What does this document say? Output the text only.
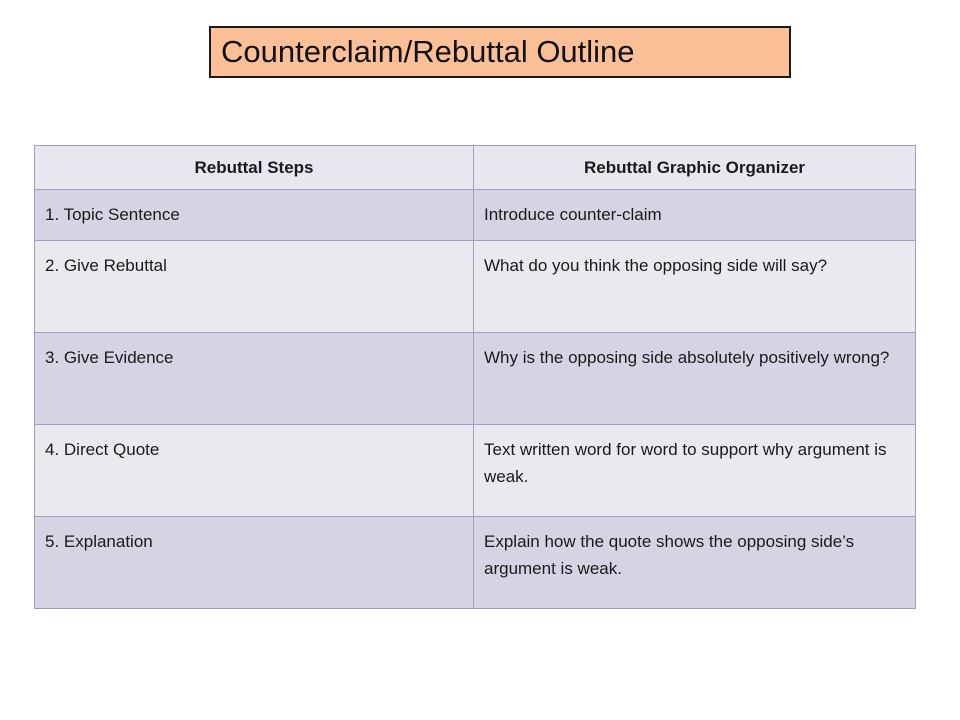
Counterclaim/Rebuttal Outline
Rebuttal Steps	Rebuttal Graphic Organizer
1. Topic Sentence	Introduce counter-claim
2. Give Rebuttal	What do you think the opposing side will say?
3. Give Evidence	Why is the opposing side absolutely positively wrong?
4. Direct Quote	Text written word for word to support why argument is weak.
5. Explanation	Explain how the quote shows the opposing side’s argument is weak.
